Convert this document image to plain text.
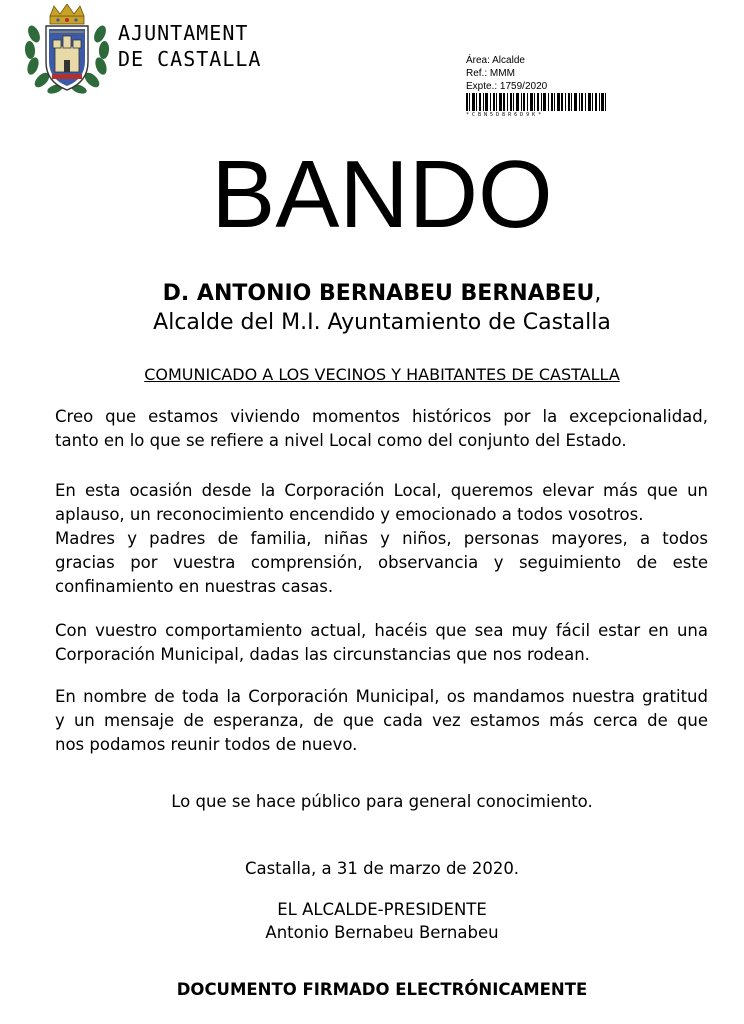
AJUNTAMENT
DE CASTALLA	Área: Alcalde
Ref.: MMM
Expte.: 1759/2020
*CBN5D8R6D9K*
BANDO
D. ANTONIO BERNABEU BERNABEU,
Alcalde del M.I. Ayuntamiento de Castalla
COMUNICADO A LOS VECINOS Y HABITANTES DE CASTALLA
Creo que estamos viviendo momentos históricos por la excepcionalidad,
tanto en lo que se refiere a nivel Local como del conjunto del Estado.
En esta ocasión desde la Corporación Local, queremos elevar más que un
aplauso, un reconocimiento encendido y emocionado a todos vosotros.
Madres y padres de familia, niñas y niños, personas mayores, a todos
gracias por vuestra comprensión, observancia y seguimiento de este
confinamiento en nuestras casas.
Con vuestro comportamiento actual, hacéis que sea muy fácil estar en una
Corporación Municipal, dadas las circunstancias que nos rodean.
En nombre de toda la Corporación Municipal, os mandamos nuestra gratitud
y un mensaje de esperanza, de que cada vez estamos más cerca de que
nos podamos reunir todos de nuevo.
Lo que se hace público para general conocimiento.
Castalla, a 31 de marzo de 2020.
EL ALCALDE-PRESIDENTE
Antonio Bernabeu Bernabeu
DOCUMENTO FIRMADO ELECTRÓNICAMENTE
